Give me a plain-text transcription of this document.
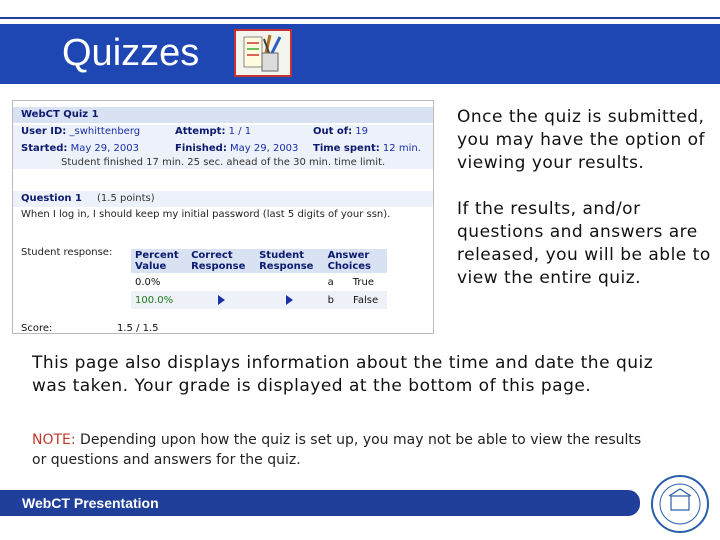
Quizzes
WebCT Quiz 1
User ID: _swhittenberg	Attempt: 1 / 1	Out of: 19
Started: May 29, 2003	Finished: May 29, 2003 Time spent: 12 min.
Student finished 17 min. 25 sec. ahead of the 30 min. time limit.
Question 1 (1.5 points)
When I log in, I should keep my initial password (last 5 digits of your ssn).
Student response: Percent Value	Correct Response	Student Response	Answer Choices
0.0%			a True
100.0%			b False
Score:	1.5 / 1.5

Once the quiz is submitted, you may have the option of viewing your results.

If the results, and/or questions and answers are released, you will be able to view the entire quiz.

This page also displays information about the time and date the quiz was taken. Your grade is displayed at the bottom of this page.
NOTE: Depending upon how the quiz is set up, you may not be able to view the results or questions and answers for the quiz.
WebCT Presentation
